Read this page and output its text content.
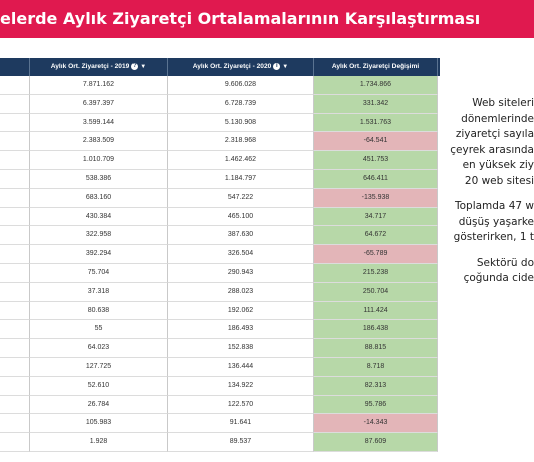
elerde Aylık Ziyaretçi Ortalamalarının Karşılaştırması
Aylık Ort. Ziyaretçi - 2019 ? ▼	Aylık Ort. Ziyaretçi - 2020 i ▼	Aylık Ort. Ziyaretçi Değişimi
7.871.162	9.606.028	1.734.866
6.397.397	6.728.739	331.342
3.599.144	5.130.908	1.531.763
2.383.509	2.318.968	-64.541
1.010.709	1.462.462	451.753
538.386	1.184.797	646.411
683.160	547.222	-135.938
430.384	465.100	34.717
322.958	387.630	64.672
392.294	326.504	-65.789
75.704	290.943	215.238
37.318	288.023	250.704
80.638	192.062	111.424
55	186.493	186.438
64.023	152.838	88.815
127.725	136.444	8.718
52.610	134.922	82.313
26.784	122.570	95.786
105.983	91.641	-14.343
1.928	89.537	87.609

Web siteleri
dönemlerinde
ziyaretçi sayıla
çeyrek arasında
en yüksek ziy
20 web sitesi

Toplamda 47 w
düşüş yaşarke
gösterirken, 1 t

Sektörü do
çoğunda cide
